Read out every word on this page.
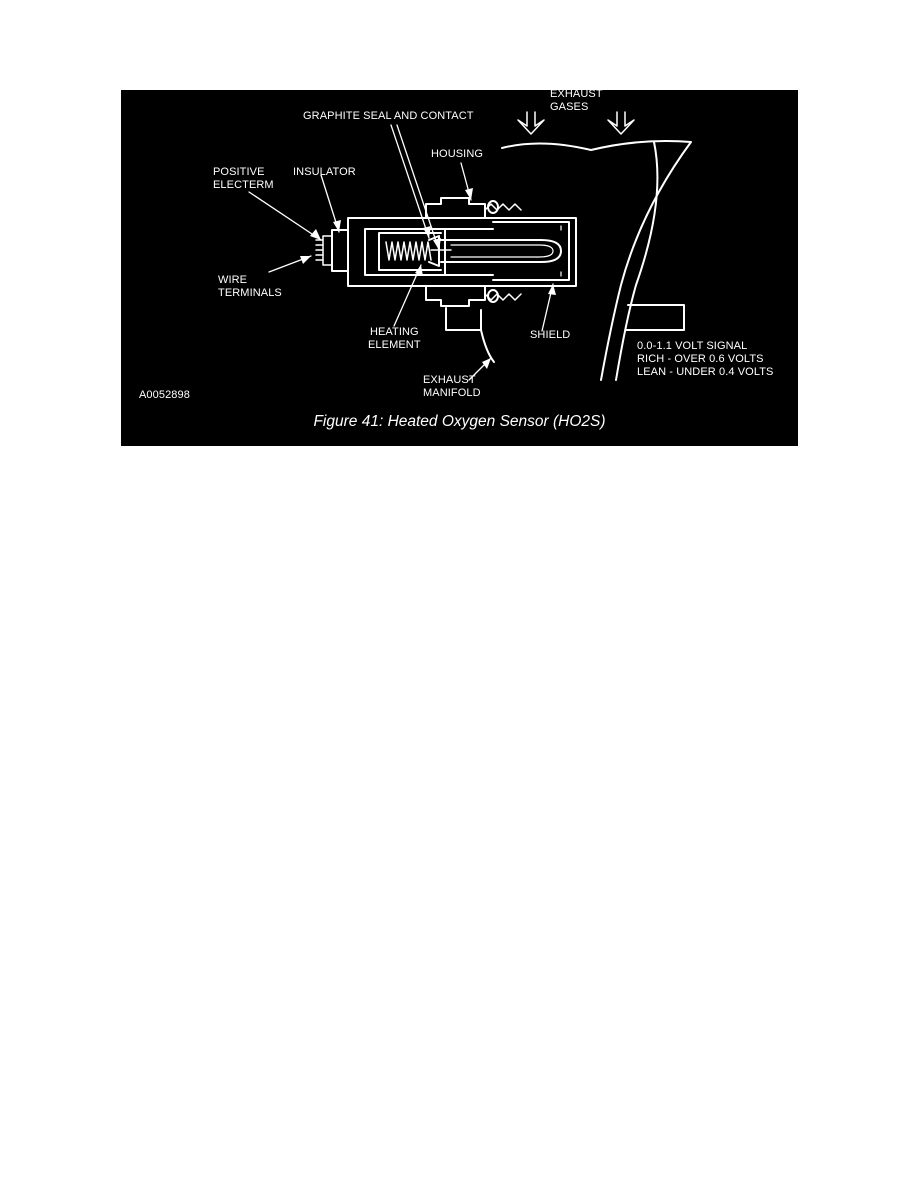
GRAPHITE SEAL AND CONTACT
EXHAUST
GASES
HOUSING
POSITIVE
ELECTERM
INSULATOR
WIRE
TERMINALS
HEATING
ELEMENT
SHIELD
EXHAUST
MANIFOLD
0.0-1.1 VOLT SIGNAL
RICH - OVER 0.6 VOLTS
LEAN - UNDER 0.4 VOLTS
A0052898
Figure 41: Heated Oxygen Sensor (HO2S)
